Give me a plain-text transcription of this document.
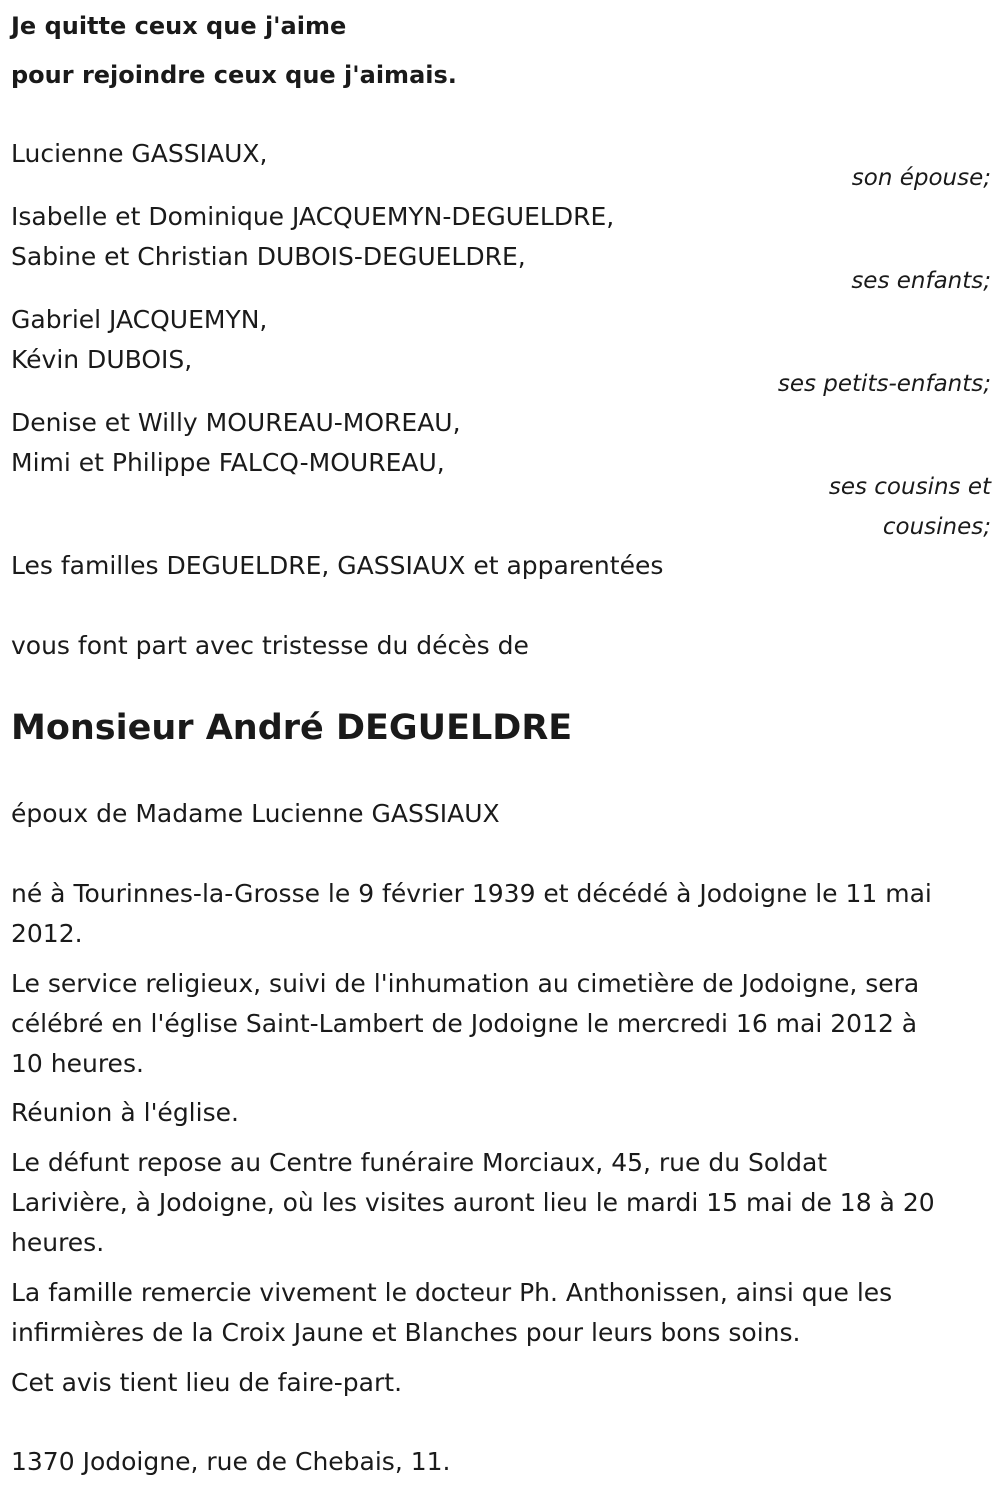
Je quitte ceux que j'aime
pour rejoindre ceux que j'aimais.
Lucienne GASSIAUX,
son épouse;
Isabelle et Dominique JACQUEMYN-DEGUELDRE,
Sabine et Christian DUBOIS-DEGUELDRE,
ses enfants;
Gabriel JACQUEMYN,
Kévin DUBOIS,
ses petits-enfants;
Denise et Willy MOUREAU-MOREAU,
Mimi et Philippe FALCQ-MOUREAU,
ses cousins et
cousines;
Les familles DEGUELDRE, GASSIAUX et apparentées
vous font part avec tristesse du décès de
Monsieur André DEGUELDRE
époux de Madame Lucienne GASSIAUX
né à Tourinnes-la-Grosse le 9 février 1939 et décédé à Jodoigne le 11 mai
2012.
Le service religieux, suivi de l'inhumation au cimetière de Jodoigne, sera
célébré en l'église Saint-Lambert de Jodoigne le mercredi 16 mai 2012 à
10 heures.
Réunion à l'église.
Le défunt repose au Centre funéraire Morciaux, 45, rue du Soldat
Larivière, à Jodoigne, où les visites auront lieu le mardi 15 mai de 18 à 20
heures.
La famille remercie vivement le docteur Ph. Anthonissen, ainsi que les
infirmières de la Croix Jaune et Blanches pour leurs bons soins.
Cet avis tient lieu de faire-part.
1370 Jodoigne, rue de Chebais, 11.
